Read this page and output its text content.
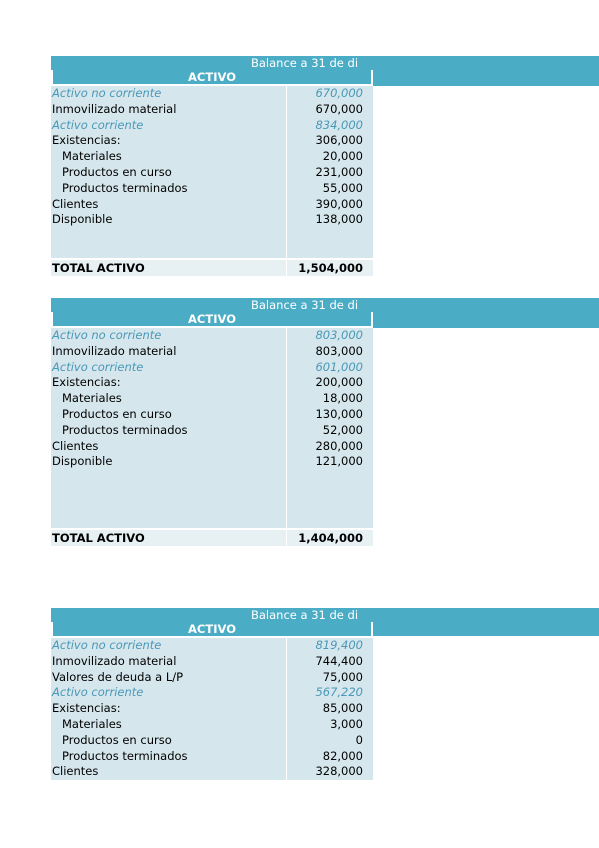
Balance a 31 de di
ACTIVO
Activo no corriente	670,000
Inmovilizado material	670,000
Activo corriente	834,000
Existencias:	306,000
Materiales	20,000
Productos en curso	231,000
Productos terminados	55,000
Clientes	390,000
Disponible	138,000
TOTAL ACTIVO	1,504,000
Balance a 31 de di
ACTIVO
Activo no corriente	803,000
Inmovilizado material	803,000
Activo corriente	601,000
Existencias:	200,000
Materiales	18,000
Productos en curso	130,000
Productos terminados	52,000
Clientes	280,000
Disponible	121,000
TOTAL ACTIVO	1,404,000
Balance a 31 de di
ACTIVO
Activo no corriente	819,400
Inmovilizado material	744,400
Valores de deuda a L/P	75,000
Activo corriente	567,220
Existencias:	85,000
Materiales	3,000
Productos en curso	0
Productos terminados	82,000
Clientes	328,000
